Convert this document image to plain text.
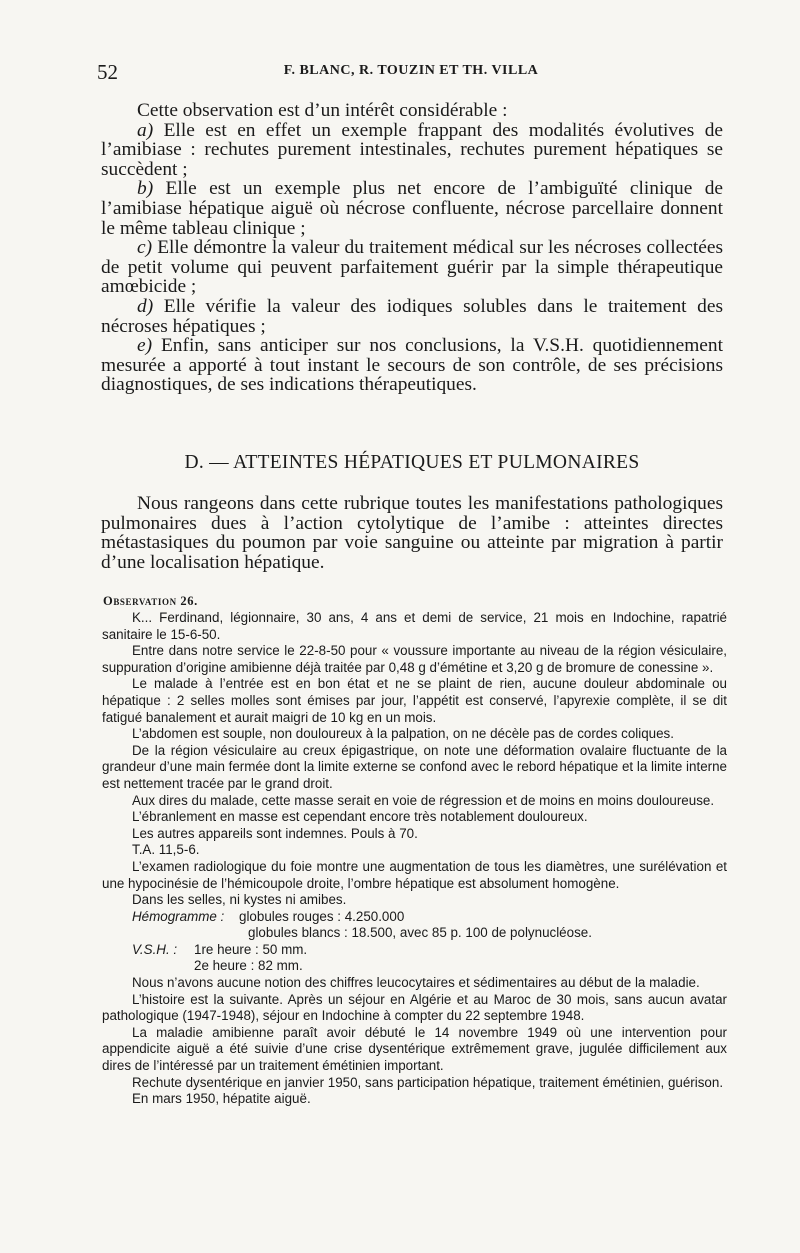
52	F. BLANC, R. TOUZIN ET TH. VILLA

Cette observation est d’un intérêt considérable :

a) Elle est en effet un exemple frappant des modalités évolutives de l’amibiase : rechutes purement intestinales, rechutes purement hépatiques se succèdent ;

b) Elle est un exemple plus net encore de l’ambiguïté clinique de l’amibiase hépatique aiguë où nécrose confluente, nécrose parcellaire donnent le même tableau clinique ;

c) Elle démontre la valeur du traitement médical sur les nécroses collectées de petit volume qui peuvent parfaitement guérir par la simple thérapeutique amœbicide ;

d) Elle vérifie la valeur des iodiques solubles dans le traitement des nécroses hépatiques ;

e) Enfin, sans anticiper sur nos conclusions, la V.S.H. quotidiennement mesurée a apporté à tout instant le secours de son contrôle, de ses précisions diagnostiques, de ses indications thérapeutiques.

D. — ATTEINTES HÉPATIQUES ET PULMONAIRES

Nous rangeons dans cette rubrique toutes les manifestations pathologiques pulmonaires dues à l’action cytolytique de l’amibe : atteintes directes métastasiques du poumon par voie sanguine ou atteinte par migration à partir d’une localisation hépatique.

Observation 26.

K... Ferdinand, légionnaire, 30 ans, 4 ans et demi de service, 21 mois en Indochine, rapatrié sanitaire le 15-6-50.

Entre dans notre service le 22-8-50 pour « voussure importante au niveau de la région vésiculaire, suppuration d’origine amibienne déjà traitée par 0,48 g d’émétine et 3,20 g de bromure de conessine ».

Le malade à l’entrée est en bon état et ne se plaint de rien, aucune douleur abdominale ou hépatique : 2 selles molles sont émises par jour, l’appétit est conservé, l’apyrexie complète, il se dit fatigué banalement et aurait maigri de 10 kg en un mois.

L’abdomen est souple, non douloureux à la palpation, on ne décèle pas de cordes coliques.

De la région vésiculaire au creux épigastrique, on note une déformation ovalaire fluctuante de la grandeur d’une main fermée dont la limite externe se confond avec le rebord hépatique et la limite interne est nettement tracée par le grand droit.

Aux dires du malade, cette masse serait en voie de régression et de moins en moins douloureuse.

L’ébranlement en masse est cependant encore très notablement douloureux.

Les autres appareils sont indemnes. Pouls à 70.

T.A. 11,5-6.

L’examen radiologique du foie montre une augmentation de tous les diamètres, une surélévation et une hypocinésie de l’hémicoupole droite, l’ombre hépatique est absolument homogène.

Dans les selles, ni kystes ni amibes.

Hémogramme : globules rouges : 4.250.000
globules blancs : 18.500, avec 85 p. 100 de polynucléose.
V.S.H. : 1re heure : 50 mm.
2e heure : 82 mm.

Nous n’avons aucune notion des chiffres leucocytaires et sédimentaires au début de la maladie.

L’histoire est la suivante. Après un séjour en Algérie et au Maroc de 30 mois, sans aucun avatar pathologique (1947-1948), séjour en Indochine à compter du 22 septembre 1948.

La maladie amibienne paraît avoir débuté le 14 novembre 1949 où une intervention pour appendicite aiguë a été suivie d’une crise dysentérique extrêmement grave, jugulée difficilement aux dires de l’intéressé par un traitement émétinien important.

Rechute dysentérique en janvier 1950, sans participation hépatique, traitement émétinien, guérison.

En mars 1950, hépatite aiguë.
